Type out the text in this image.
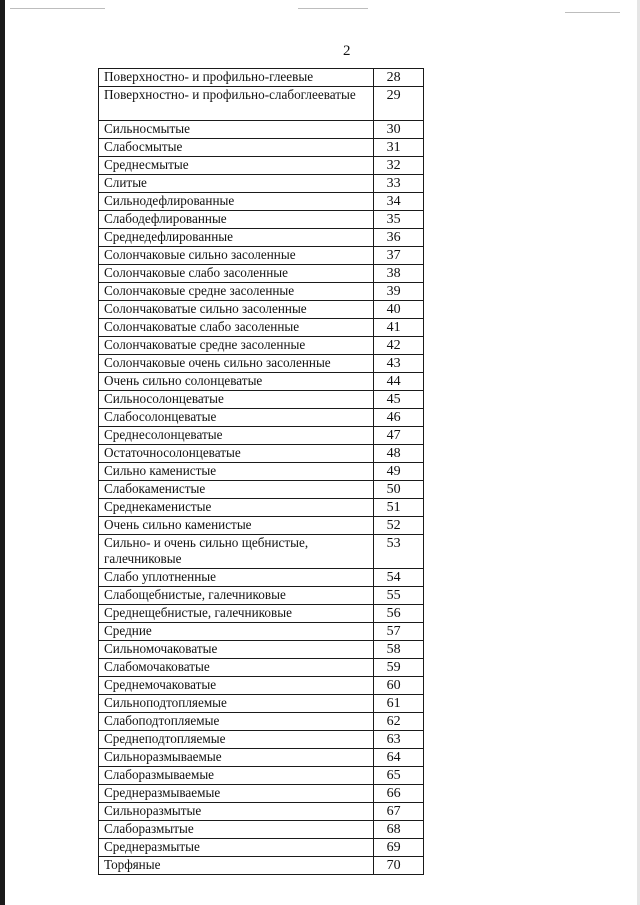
2
Поверхностно- и профильно-глеевые	28
Поверхностно- и профильно-слабоглееватые	29
Сильносмытые	30
Слабосмытые	31
Среднесмытые	32
Слитые	33
Сильнодефлированные	34
Слабодефлированные	35
Среднедефлированные	36
Солончаковые сильно засоленные	37
Солончаковые слабо засоленные	38
Солончаковые средне засоленные	39
Солончаковатые сильно засоленные	40
Солончаковатые слабо засоленные	41
Солончаковатые средне засоленные	42
Солончаковые очень сильно засоленные	43
Очень сильно солонцеватые	44
Сильносолонцеватые	45
Слабосолонцеватые	46
Среднесолонцеватые	47
Остаточносолонцеватые	48
Сильно каменистые	49
Слабокаменистые	50
Среднекаменистые	51
Очень сильно каменистые	52
Сильно- и очень сильно щебнистые, галечниковые	53
Слабо уплотненные	54
Слабощебнистые, галечниковые	55
Среднещебнистые, галечниковые	56
Средние	57
Сильномочаковатые	58
Слабомочаковатые	59
Среднемочаковатые	60
Сильноподтопляемые	61
Слабоподтопляемые	62
Среднеподтопляемые	63
Сильноразмываемые	64
Слаборазмываемые	65
Среднеразмываемые	66
Сильноразмытые	67
Слаборазмытые	68
Среднеразмытые	69
Торфяные	70
